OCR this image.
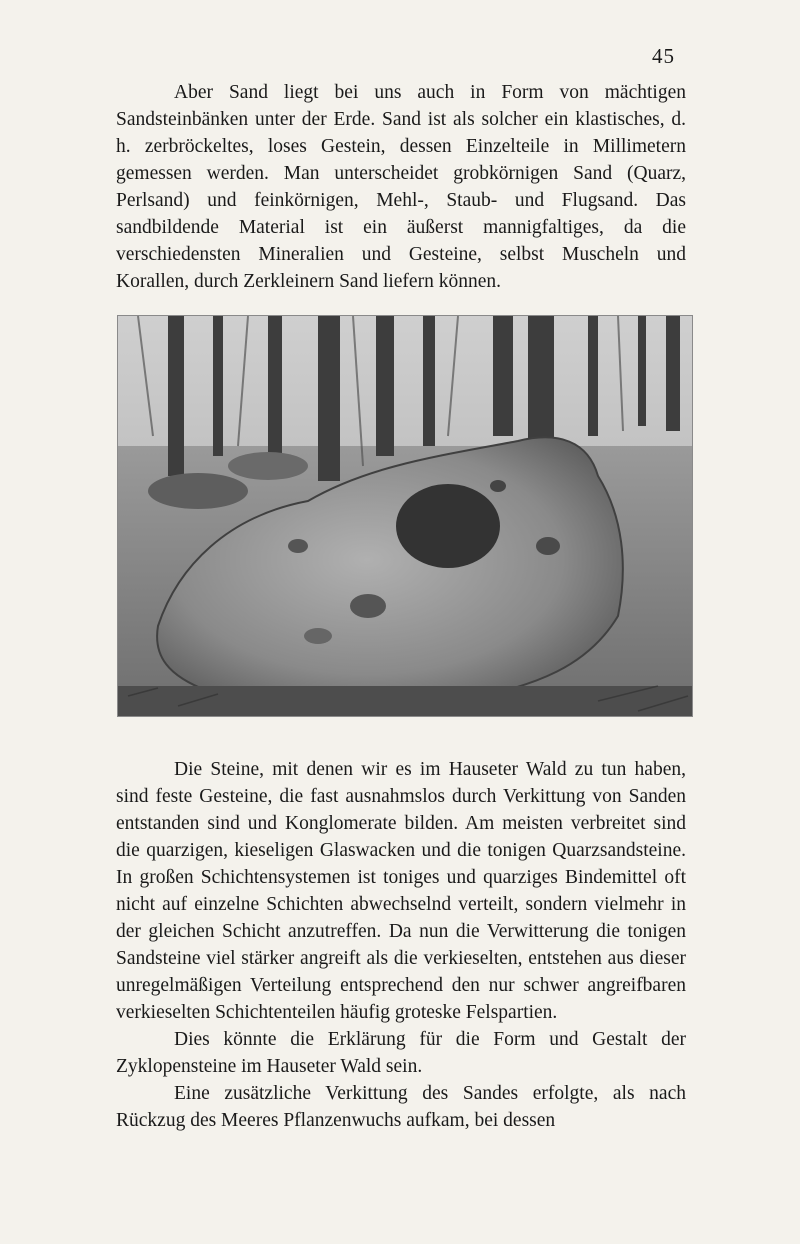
45

Aber Sand liegt bei uns auch in Form von mächtigen Sandsteinbänken unter der Erde. Sand ist als solcher ein klastisches, d. h. zerbröckeltes, loses Gestein, dessen Einzelteile in Millimetern gemessen werden. Man unterscheidet grobkörnigen Sand (Quarz, Perlsand) und feinkörnigen, Mehl-, Staub- und Flugsand. Das sandbildende Material ist ein äußerst mannigfaltiges, da die verschiedensten Mineralien und Gesteine, selbst Muscheln und Korallen, durch Zerkleinern Sand liefern können.

Die Steine, mit denen wir es im Hauseter Wald zu tun haben, sind feste Gesteine, die fast ausnahmslos durch Verkittung von Sanden entstanden sind und Konglomerate bilden. Am meisten verbreitet sind die quarzigen, kieseligen Glaswacken und die tonigen Quarzsandsteine. In großen Schichtensystemen ist toniges und quarziges Bindemittel oft nicht auf einzelne Schichten abwechselnd verteilt, sondern vielmehr in der gleichen Schicht anzutreffen. Da nun die Verwitterung die tonigen Sandsteine viel stärker angreift als die verkieselten, entstehen aus dieser unregelmäßigen Verteilung entsprechend den nur schwer angreifbaren verkieselten Schichtenteilen häufig groteske Felspartien.

Dies könnte die Erklärung für die Form und Gestalt der Zyklopensteine im Hauseter Wald sein.

Eine zusätzliche Verkittung des Sandes erfolgte, als nach Rückzug des Meeres Pflanzenwuchs aufkam, bei dessen
